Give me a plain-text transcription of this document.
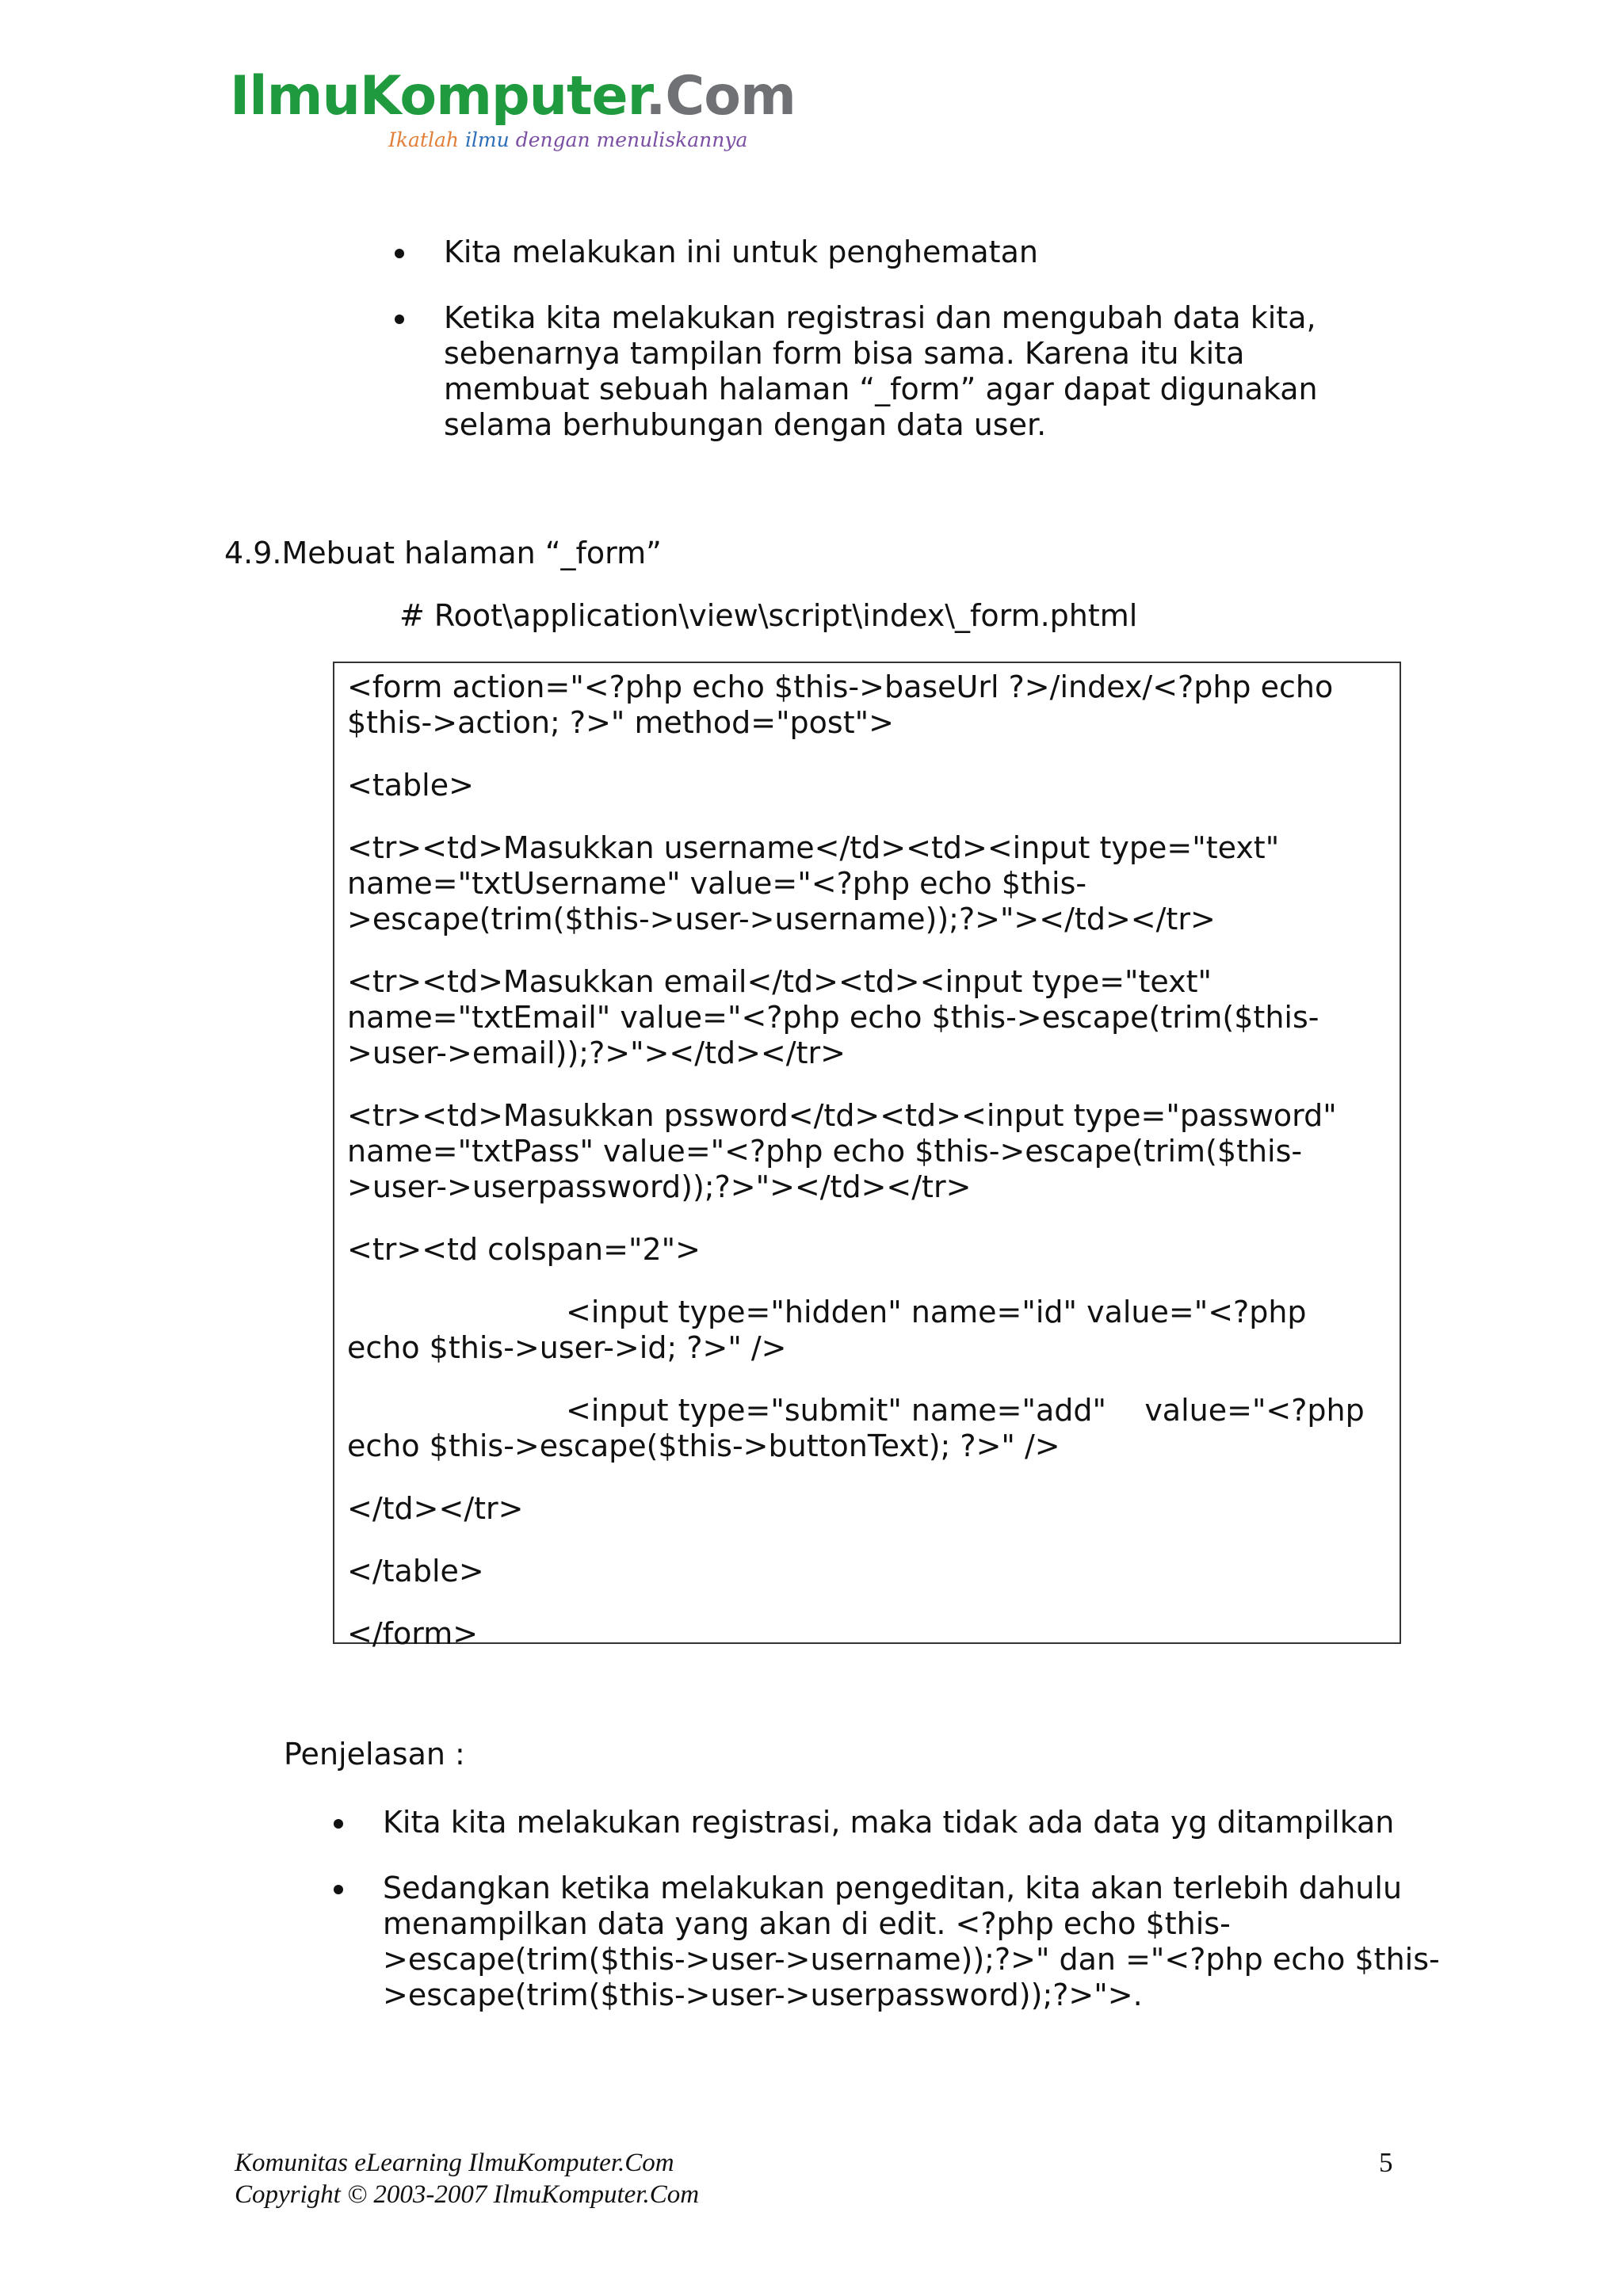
IlmuKomputer.Com
Ikatlah ilmu dengan menuliskannya
Kita melakukan ini untuk penghematan
Ketika kita melakukan registrasi dan mengubah data kita, sebenarnya tampilan form bisa sama. Karena itu kita membuat sebuah halaman “_form” agar dapat digunakan selama berhubungan dengan data user.
4.9.Mebuat halaman “_form”
# Root\application\view\script\index\_form.phtml

<form action="<?php echo $this->baseUrl ?>/index/<?php echo $this->action; ?>" method="post">

<table>

<tr><td>Masukkan username</td><td><input type="text" name="txtUsername" value="<?php echo $this->escape(trim($this->user->username));?>"></td></tr>

<tr><td>Masukkan email</td><td><input type="text" name="txtEmail" value="<?php echo $this->escape(trim($this->user->email));?>"></td></tr>

<tr><td>Masukkan pssword</td><td><input type="password" name="txtPass" value="<?php echo $this->escape(trim($this->user->userpassword));?>"></td></tr>

<tr><td colspan="2">

<input type="hidden" name="id" value="<?php echo $this->user->id; ?>" />

<input type="submit" name="add"    value="<?php echo $this->escape($this->buttonText); ?>" />

</td></tr>

</table>

</form>

Penjelasan :
Kita kita melakukan registrasi, maka tidak ada data yg ditampilkan
Sedangkan ketika melakukan pengeditan, kita akan terlebih dahulu menampilkan data yang akan di edit. <?php echo $this->escape(trim($this->user->username));?>" dan ="<?php echo $this->escape(trim($this->user->userpassword));?>">.
Komunitas eLearning IlmuKomputer.Com
Copyright © 2003-2007 IlmuKomputer.Com
5
